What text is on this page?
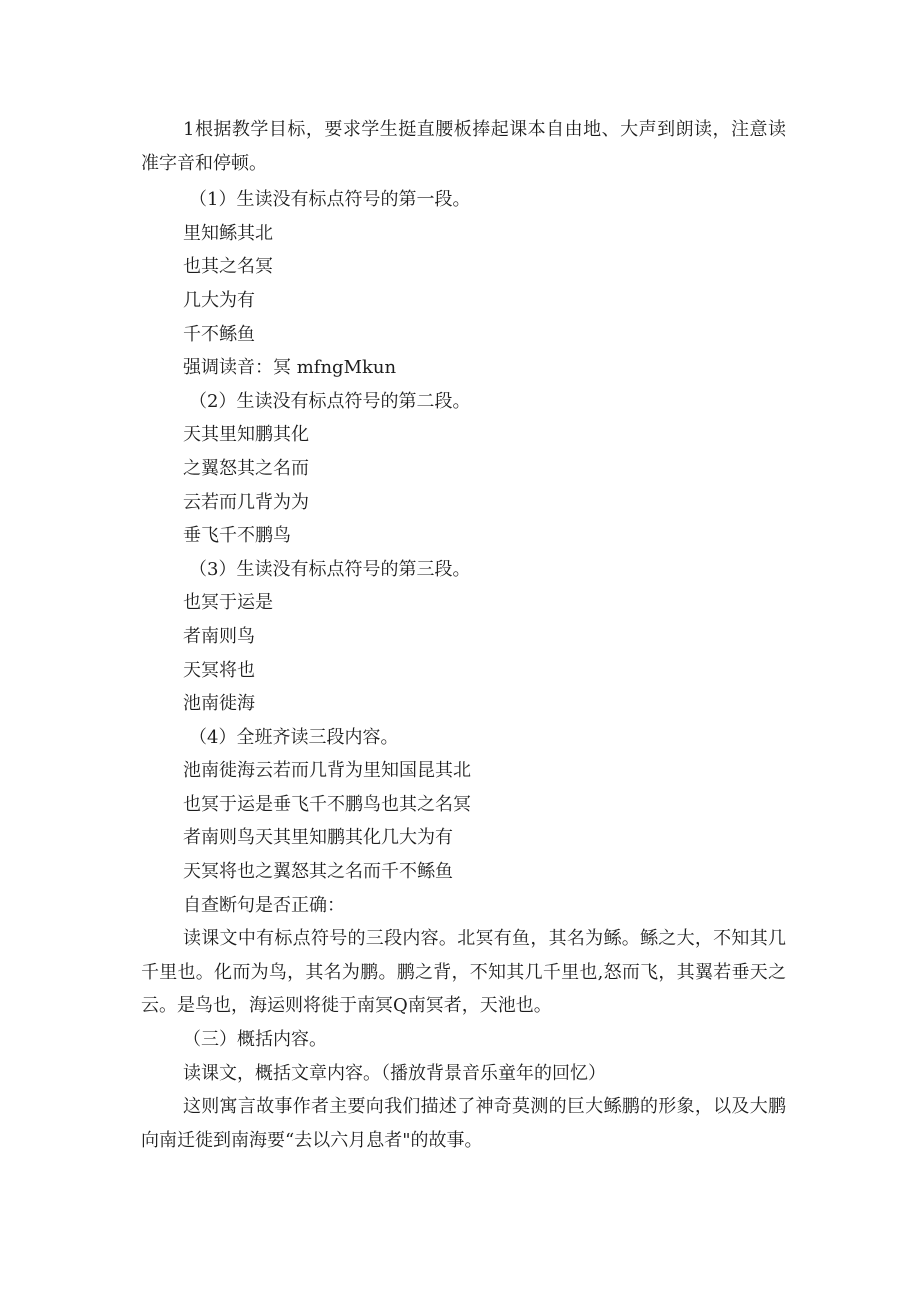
1根据教学目标，要求学生挺直腰板捧起课本自由地、大声到朗读，注意读准字音和停顿。

（1）生读没有标点符号的第一段。

里知鲧其北

也其之名冥

几大为有

千不鲧鱼

强调读音：冥 mfngMkun

（2）生读没有标点符号的第二段。

天其里知鹏其化

之翼怒其之名而

云若而几背为为

垂飞千不鹏鸟

（3）生读没有标点符号的第三段。

也冥于运是

者南则鸟

天冥将也

池南徙海

（4）全班齐读三段内容。

池南徙海云若而几背为里知国昆其北

也冥于运是垂飞千不鹏鸟也其之名冥

者南则鸟天其里知鹏其化几大为有

天冥将也之翼怒其之名而千不鲧鱼

自查断句是否正确：

读课文中有标点符号的三段内容。北冥有鱼，其名为鲧。鲧之大，不知其几千里也。化而为鸟，其名为鹏。鹏之背，不知其几千里也,怒而飞，其翼若垂天之云。是鸟也，海运则将徙于南冥Q南冥者，天池也。

（三）概括内容。

读课文，概括文章内容。（播放背景音乐童年的回忆）

这则寓言故事作者主要向我们描述了神奇莫测的巨大鲧鹏的形象，以及大鹏向南迁徙到南海要“去以六月息者"的故事。
